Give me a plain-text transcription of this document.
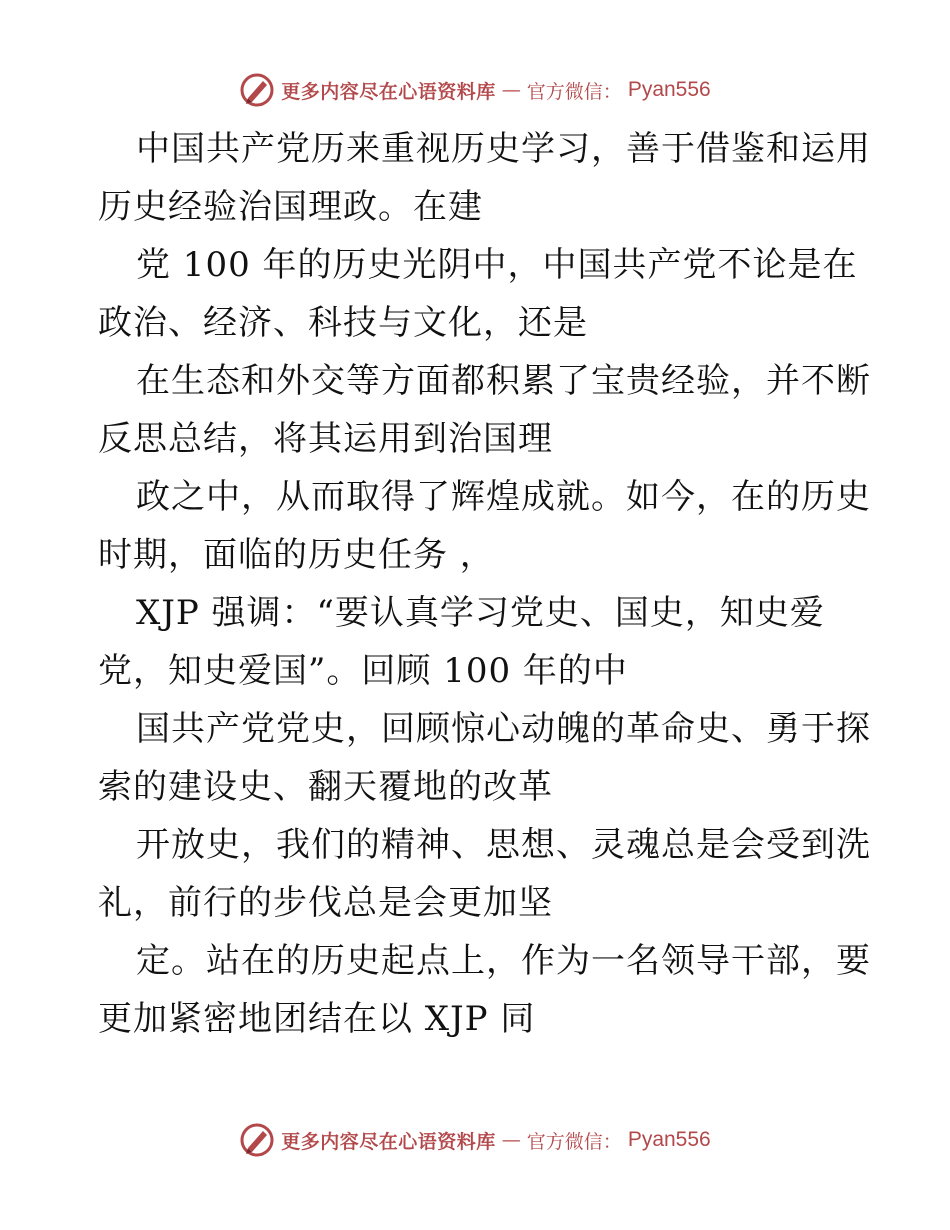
更多内容尽在心语资料库 — 官方微信： Pyan556
中国共产党历来重视历史学习，善于借鉴和运用
历史经验治国理政。在建
党 100 年的历史光阴中，中国共产党不论是在
政治、经济、科技与文化，还是
在生态和外交等方面都积累了宝贵经验，并不断
反思总结，将其运用到治国理
政之中，从而取得了辉煌成就。如今，在的历史
时期，面临的历史任务 ，
XJP 强调：“要认真学习党史、国史，知史爱
党，知史爱国”。回顾 100 年的中
国共产党党史，回顾惊心动魄的革命史、勇于探
索的建设史、翻天覆地的改革
开放史，我们的精神、思想、灵魂总是会受到洗
礼，前行的步伐总是会更加坚
定。站在的历史起点上，作为一名领导干部，要
更加紧密地团结在以 XJP 同
更多内容尽在心语资料库 — 官方微信： Pyan556
